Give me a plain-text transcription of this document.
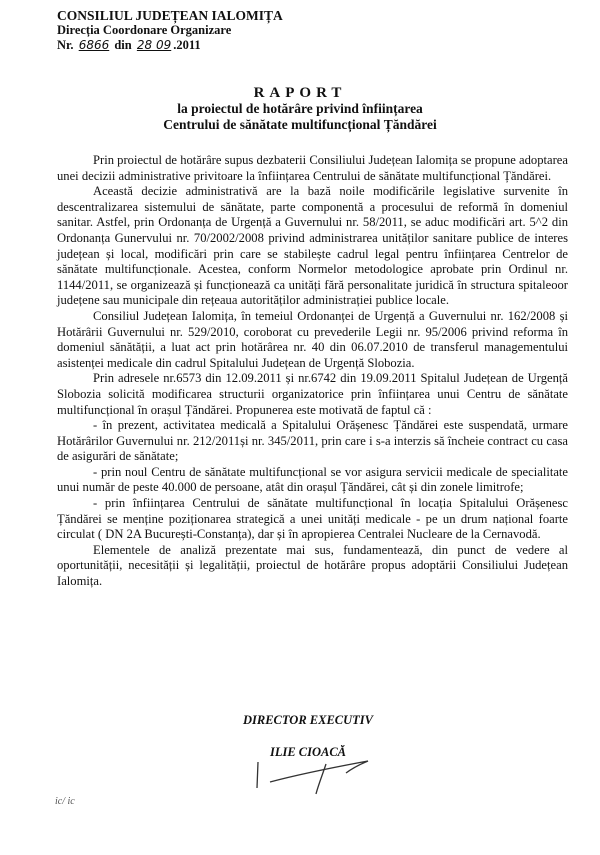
CONSILIUL JUDEȚEAN IALOMIȚA
Direcția Coordonare Organizare
Nr. 6866 din 28 09 .2011
RAPORT
la proiectul de hotărâre privind înființarea
Centrului de sănătate multifuncțional Țăndărei

Prin proiectul de hotărâre supus dezbaterii Consiliului Județean Ialomița se propune adoptarea unei decizii administrative privitoare la înființarea Centrului de sănătate multifuncțional Țăndărei.

Această decizie administrativă are la bază noile modificările legislative survenite în descentralizarea sistemului de sănătate, parte componentă a procesului de reformă în domeniul sanitar. Astfel, prin Ordonanța de Urgență a Guvernului nr. 58/2011, se aduc modificări art. 5^2 din Ordonanța Gunervului nr. 70/2002/2008 privind administrarea unităților sanitare publice de interes județean și local, modificări prin care se stabilește cadrul legal pentru înființarea Centrelor de sănătate multifuncționale. Acestea, conform Normelor metodologice aprobate prin Ordinul nr. 1144/2011, se organizează și funcționează ca unități fără personalitate juridică în structura spitaleoor județene sau municipale din rețeaua autorităților administrației publice locale.

Consiliul Județean Ialomița, în temeiul Ordonanței de Urgență a Guvernului nr. 162/2008 și Hotărârii Guvernului nr. 529/2010, coroborat cu prevederile Legii nr. 95/2006 privind reforma în domeniul sănătății, a luat act prin hotărârea nr. 40 din 06.07.2010 de transferul managementului asistenței medicale din cadrul Spitalului Județean de Urgență Slobozia.

Prin adresele nr.6573 din 12.09.2011 și nr.6742 din 19.09.2011 Spitalul Județean de Urgență Slobozia solicită modificarea structurii organizatorice prin înființarea unui Centru de sănătate multifuncțional în orașul Țăndărei. Propunerea este motivată de faptul că :

- în prezent, activitatea medicală a Spitalului Orășenesc Țăndărei este suspendată, urmare Hotărârilor Guvernului nr. 212/2011și nr. 345/2011, prin care i s-a interzis să încheie contract cu casa de asigurări de sănătate;

- prin noul Centru de sănătate multifuncțional se vor asigura servicii medicale de specialitate unui număr de peste 40.000 de persoane, atât din orașul Țăndărei, cât și din zonele limitrofe;

- prin înființarea Centrului de sănătate multifuncțional în locația Spitalului Orășenesc Țăndărei se menține poziționarea strategică a unei unități medicale - pe un drum național foarte circulat ( DN 2A București-Constanța), dar și în apropierea Centralei Nucleare de la Cernavodă.

Elementele de analiză prezentate mai sus, fundamentează, din punct de vedere al oportunității, necesității și legalității, proiectul de hotărâre propus adoptării Consiliului Județean Ialomița.

DIRECTOR EXECUTIV
ILIE CIOACĂ
ic/ ic
